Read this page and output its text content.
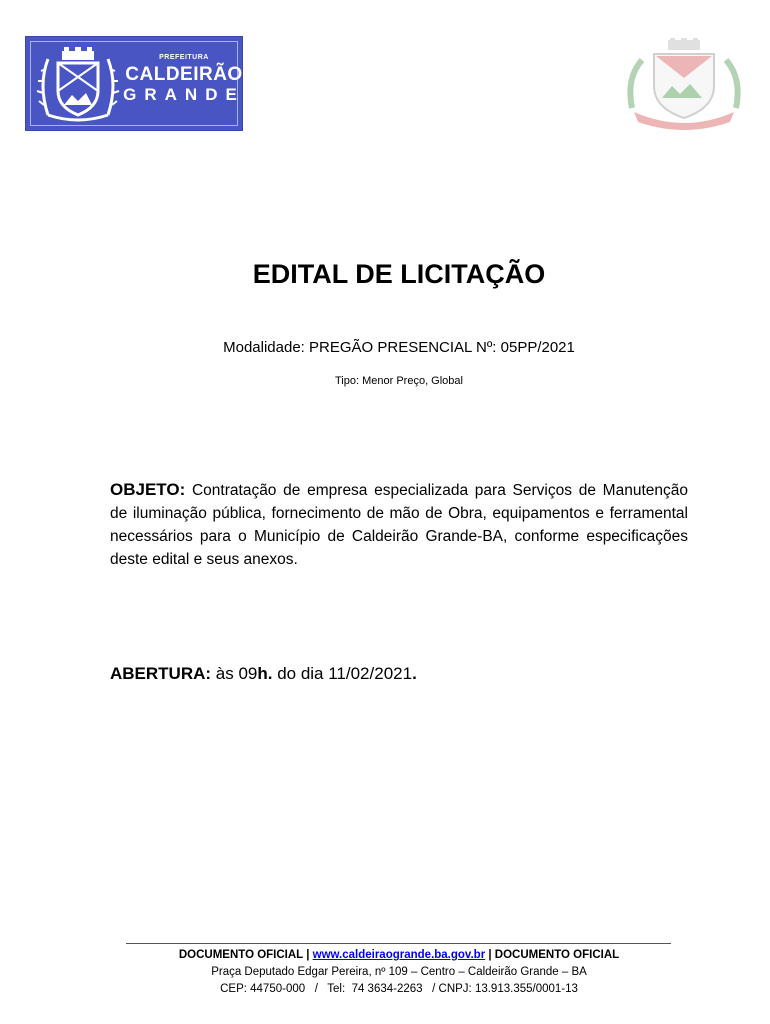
PREFEITURA
CALDEIRÃO
GRANDE
EDITAL DE LICITAÇÃO
Modalidade: PREGÃO PRESENCIAL Nº: 05PP/2021
Tipo: Menor Preço, Global
OBJETO: Contratação de empresa especializada para Serviços de Manutenção de iluminação pública, fornecimento de mão de Obra, equipamentos e ferramental necessários para o Município de Caldeirão Grande-BA, conforme especificações deste edital e seus anexos.
ABERTURA: às 09h. do dia 11/02/2021.
DOCUMENTO OFICIAL | www.caldeiraogrande.ba.gov.br | DOCUMENTO OFICIAL
Praça Deputado Edgar Pereira, nº 109 – Centro – Caldeirão Grande – BA
CEP: 44750-000   /   Tel:  74 3634-2263   / CNPJ: 13.913.355/0001-13
